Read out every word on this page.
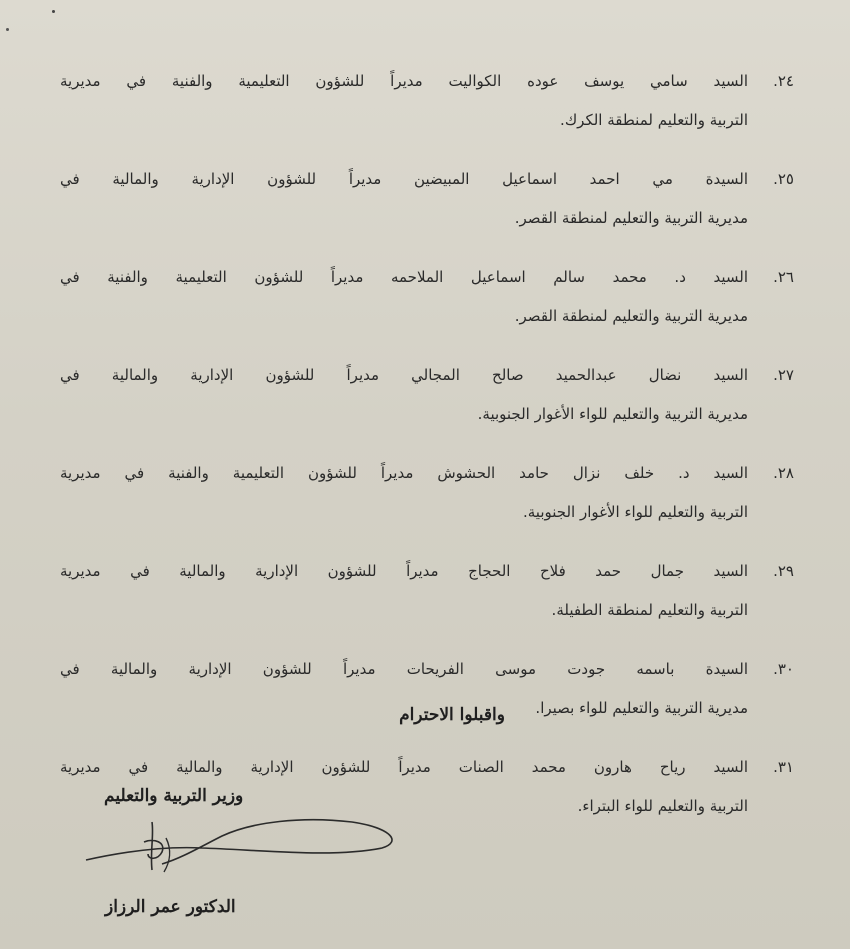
٢٤.
السيد سامي يوسف عوده الكواليت مديراً للشؤون التعليمية والفنية في مديرية
التربية والتعليم لمنطقة الكرك.
٢٥.
السيدة مي احمد اسماعيل المبيضين مديراً للشؤون الإدارية والمالية في
مديرية التربية والتعليم لمنطقة القصر.
٢٦.
السيد د. محمد سالم اسماعيل الملاحمه مديراً للشؤون التعليمية والفنية في
مديرية التربية والتعليم لمنطقة القصر.
٢٧.
السيد نضال عبدالحميد صالح المجالي مديراً للشؤون الإدارية والمالية في
مديرية التربية والتعليم للواء الأغوار الجنوبية.
٢٨.
السيد د. خلف نزال حامد الحشوش مديراً للشؤون التعليمية والفنية في مديرية
التربية والتعليم للواء الأغوار الجنوبية.
٢٩.
السيد جمال حمد فلاح الحجاج مديراً للشؤون الإدارية والمالية في مديرية
التربية والتعليم لمنطقة الطفيلة.
٣٠.
السيدة باسمه جودت موسى الفريحات مديراً للشؤون الإدارية والمالية في
مديرية التربية والتعليم للواء بصيرا.
٣١.
السيد رياح هارون محمد الصنات مديراً للشؤون الإدارية والمالية في مديرية
التربية والتعليم للواء البتراء.
واقبلوا الاحترام
وزير التربية والتعليم
الدكتور عمر الرزاز
